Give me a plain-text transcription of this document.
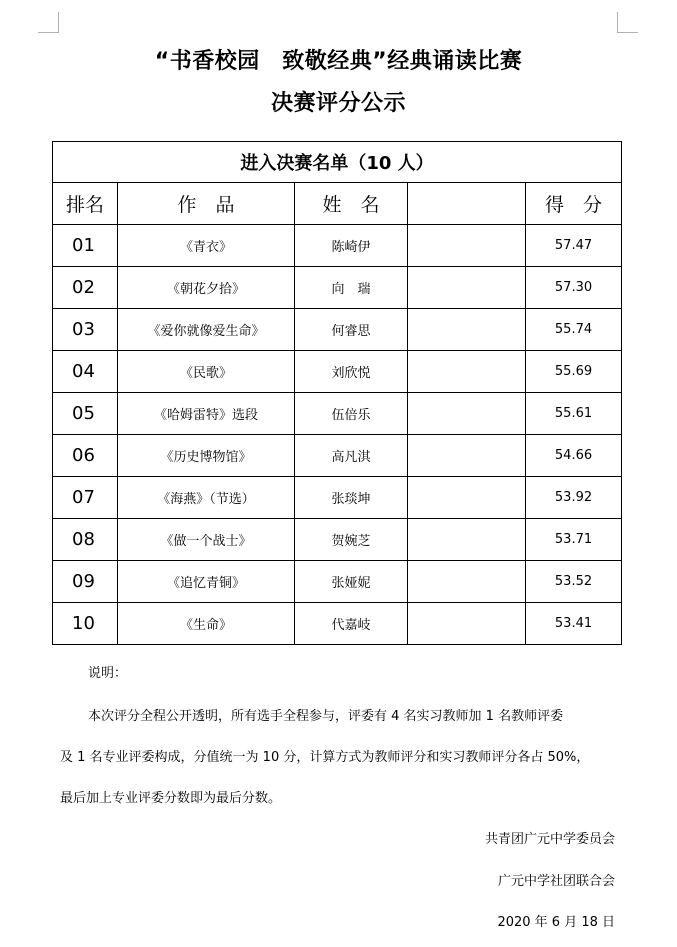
“书香校园　致敬经典”经典诵读比赛
决赛评分公示
进入决赛名单（10 人）				
排名	作　品	姓　名		得　分
01	《青衣》	陈崎伊		57.47
02	《朝花夕拾》	向　瑞		57.30
03	《爱你就像爱生命》	何睿思		55.74
04	《民歌》	刘欣悦		55.69
05	《哈姆雷特》选段	伍倍乐		55.61
06	《历史博物馆》	高凡淇		54.66
07	《海燕》（节选）	张琰坤		53.92
08	《做一个战士》	贺婉芝		53.71
09	《追忆青铜》	张娅妮		53.52
10	《生命》	代嘉岐		53.41
说明：
本次评分全程公开透明，所有选手全程参与，评委有 4 名实习教师加 1 名教师评委
及 1 名专业评委构成，分值统一为 10 分，计算方式为教师评分和实习教师评分各占 50%，
最后加上专业评委分数即为最后分数。
共青团广元中学委员会
广元中学社团联合会
2020 年 6 月 18 日
